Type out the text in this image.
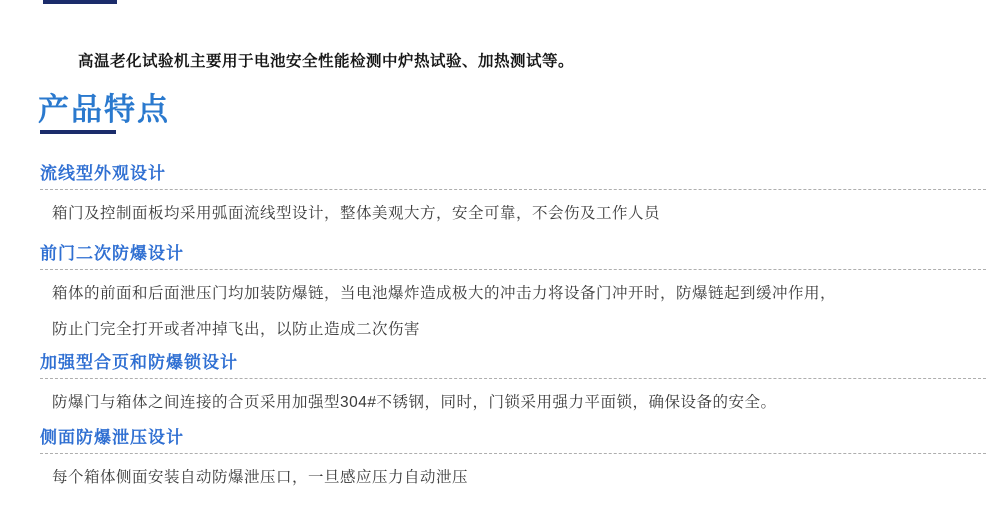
高温老化试验机主要用于电池安全性能检测中炉热试验、加热测试等。

产品特点
流线型外观设计
箱门及控制面板均采用弧面流线型设计，整体美观大方，安全可靠，不会伤及工作人员
前门二次防爆设计
箱体的前面和后面泄压门均加装防爆链，当电池爆炸造成极大的冲击力将设备门冲开时，防爆链起到缓冲作用，
防止门完全打开或者冲掉飞出，以防止造成二次伤害
加强型合页和防爆锁设计
防爆门与箱体之间连接的合页采用加强型304#不锈钢，同时，门锁采用强力平面锁，确保设备的安全。
侧面防爆泄压设计
每个箱体侧面安装自动防爆泄压口，一旦感应压力自动泄压
